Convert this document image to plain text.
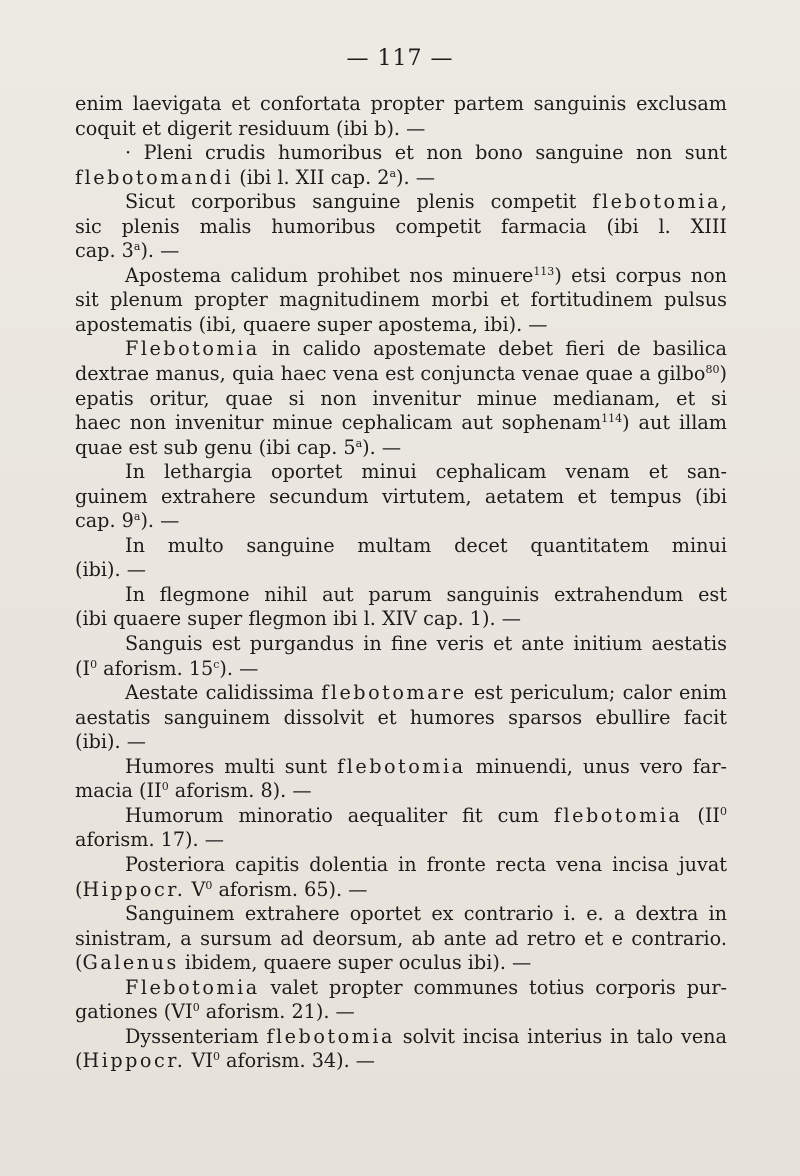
— 117 —

enim laevigata et confortata propter partem sanguinis exclusam

coquit et digerit residuum (ibi b). —

· Pleni crudis humoribus et non bono sanguine non sunt

flebotomandi (ibi l. XII cap. 2$^a$). —

Sicut corporibus sanguine plenis competit flebotomia,

sic plenis malis humoribus competit farmacia (ibi l. XIII

cap. 3$^a$). —

Apostema calidum prohibet nos minuere$^{113}$) etsi corpus non

sit plenum propter magnitudinem morbi et fortitudinem pulsus

apostematis (ibi, quaere super apostema, ibi). —

Flebotomia in calido apostemate debet fieri de basilica

dextrae manus, quia haec vena est conjuncta venae quae a gilbo$^{80}$)

epatis oritur, quae si non invenitur minue medianam, et si

haec non invenitur minue cephalicam aut sophenam$^{114}$) aut illam

quae est sub genu (ibi cap. 5$^a$). —

In lethargia oportet minui cephalicam venam et san-

guinem extrahere secundum virtutem, aetatem et tempus (ibi

cap. 9$^a$). —

In multo sanguine multam decet quantitatem minui

(ibi). —

In flegmone nihil aut parum sanguinis extrahendum est

(ibi quaere super flegmon ibi l. XIV cap. 1). —

Sanguis est purgandus in fine veris et ante initium aestatis

($I^0$ aforism. 15$^c$). —

Aestate calidissima flebotomare est periculum; calor enim

aestatis sanguinem dissolvit et humores sparsos ebullire facit

(ibi). —

Humores multi sunt flebotomia minuendi, unus vero far-

macia ($II^0$ aforism. 8). —

Humorum minoratio aequaliter fit cum flebotomia ($II^0$

aforism. 17). —

Posteriora capitis dolentia in fronte recta vena incisa juvat

(Hippocr. $V^0$ aforism. 65). —

Sanguinem extrahere oportet ex contrario i. e. a dextra in

sinistram, a sursum ad deorsum, ab ante ad retro et e contrario.

(Galenus ibidem, quaere super oculus ibi). —

Flebotomia valet propter communes totius corporis pur-

gationes ($VI^0$ aforism. 21). —

Dyssenteriam flebotomia solvit incisa interius in talo vena

(Hippocr. $VI^0$ aforism. 34). —
